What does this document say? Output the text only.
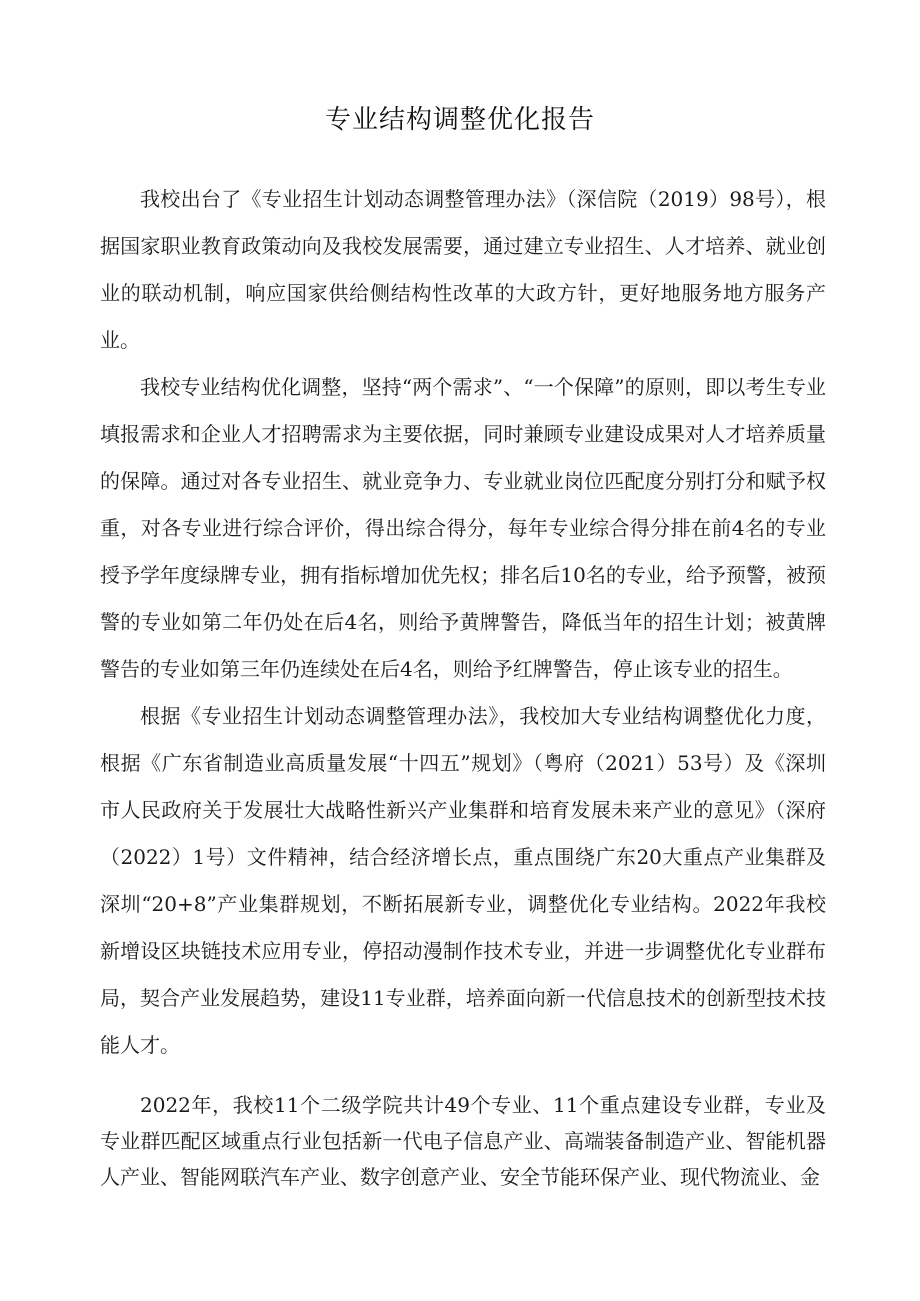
专业结构调整优化报告

我校出台了《专业招生计划动态调整管理办法》（深信院（2019）98号），根据国家职业教育政策动向及我校发展需要，通过建立专业招生、人才培养、就业创业的联动机制，响应国家供给侧结构性改革的大政方针，更好地服务地方服务产业。

我校专业结构优化调整，坚持“两个需求”、“一个保障”的原则，即以考生专业填报需求和企业人才招聘需求为主要依据，同时兼顾专业建设成果对人才培养质量的保障。通过对各专业招生、就业竞争力、专业就业岗位匹配度分别打分和赋予权重，对各专业进行综合评价，得出综合得分，每年专业综合得分排在前4名的专业授予学年度绿牌专业，拥有指标增加优先权；排名后10名的专业，给予预警，被预警的专业如第二年仍处在后4名，则给予黄牌警告，降低当年的招生计划；被黄牌警告的专业如第三年仍连续处在后4名，则给予红牌警告，停止该专业的招生。

根据《专业招生计划动态调整管理办法》，我校加大专业结构调整优化力度，根据《广东省制造业高质量发展“十四五”规划》（粤府（2021）53号）及《深圳市人民政府关于发展壮大战略性新兴产业集群和培育发展未来产业的意见》（深府（2022）1号）文件精神，结合经济增长点，重点围绕广东20大重点产业集群及深圳“20+8”产业集群规划，不断拓展新专业，调整优化专业结构。2022年我校新增设区块链技术应用专业，停招动漫制作技术专业，并进一步调整优化专业群布局，契合产业发展趋势，建设11专业群，培养面向新一代信息技术的创新型技术技能人才。

2022年，我校11个二级学院共计49个专业、11个重点建设专业群，专业及专业群匹配区域重点行业包括新一代电子信息产业、高端装备制造产业、智能机器人产业、智能网联汽车产业、数字创意产业、安全节能环保产业、现代物流业、金
